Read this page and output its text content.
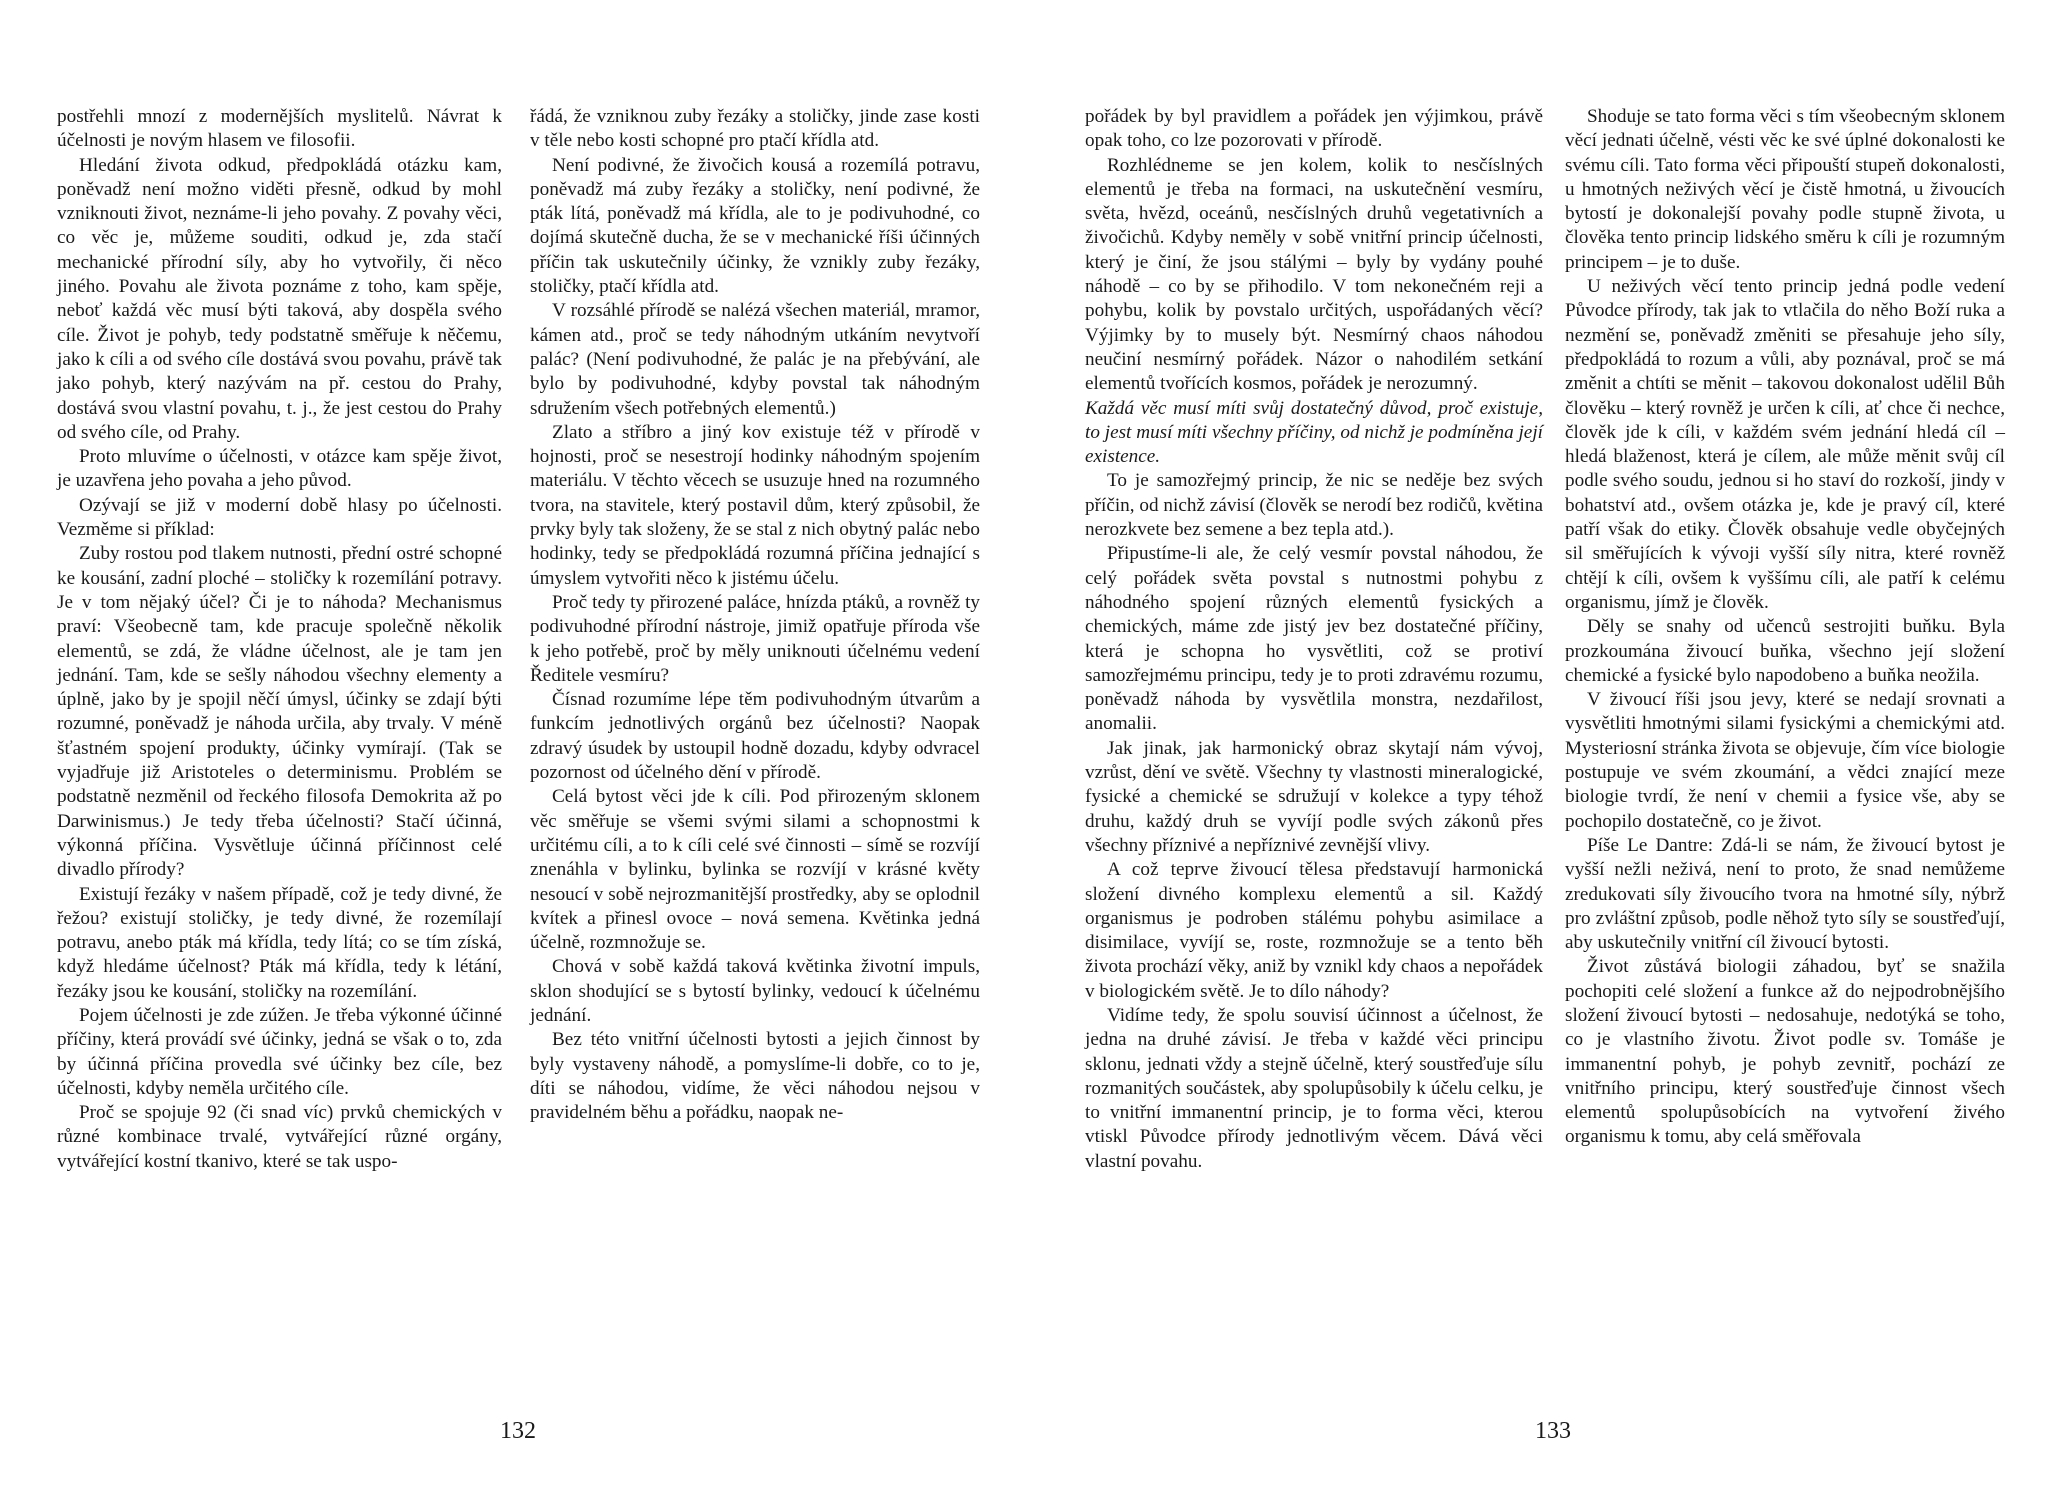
postřehli mnozí z modernějších myslitelů. Návrat k účelnosti je novým hlasem ve filosofii.

Hledání života odkud, předpokládá otázku kam, poněvadž není možno viděti přesně, odkud by mohl vzniknouti život, neznáme-li jeho povahy. Z povahy věci, co věc je, můžeme souditi, odkud je, zda stačí mechanické přírodní síly, aby ho vytvořily, či něco jiného. Povahu ale života poznáme z toho, kam spěje, neboť každá věc musí býti taková, aby dospěla svého cíle. Život je pohyb, tedy podstatně směřuje k něčemu, jako k cíli a od svého cíle dostává svou povahu, právě tak jako pohyb, který nazývám na př. cestou do Prahy, dostává svou vlastní povahu, t. j., že jest cestou do Prahy od svého cíle, od Prahy.

Proto mluvíme o účelnosti, v otázce kam spěje život, je uzavřena jeho povaha a jeho původ.

Ozývají se již v moderní době hlasy po účelnosti. Vezměme si příklad:

Zuby rostou pod tlakem nutnosti, přední ostré schopné ke kousání, zadní ploché – stoličky k rozemílání potravy. Je v tom nějaký účel? Či je to náhoda? Mechanismus praví: Všeobecně tam, kde pracuje společně několik elementů, se zdá, že vládne účelnost, ale je tam jen jednání. Tam, kde se sešly náhodou všechny elementy a úplně, jako by je spojil něčí úmysl, účinky se zdají býti rozumné, poněvadž je náhoda určila, aby trvaly. V méně šťastném spojení produkty, účinky vymírají. (Tak se vyjadřuje již Aristoteles o determinismu. Problém se podstatně nezměnil od řeckého filosofa Demokrita až po Darwinismus.) Je tedy třeba účelnosti? Stačí účinná, výkonná příčina. Vysvětluje účinná příčinnost celé divadlo přírody?

Existují řezáky v našem případě, což je tedy divné, že řežou? existují stoličky, je tedy divné, že rozemílají potravu, anebo pták má křídla, tedy lítá; co se tím získá, když hledáme účelnost? Pták má křídla, tedy k létání, řezáky jsou ke kousání, stoličky na rozemílání.

Pojem účelnosti je zde zúžen. Je třeba výkonné účinné příčiny, která provádí své účinky, jedná se však o to, zda by účinná příčina provedla své účinky bez cíle, bez účelnosti, kdyby neměla určitého cíle.

Proč se spojuje 92 (či snad víc) prvků chemických v různé kombinace trvalé, vytvářející různé orgány, vytvářející kostní tkanivo, které se tak uspo-

řádá, že vzniknou zuby řezáky a stoličky, jinde zase kosti v těle nebo kosti schopné pro ptačí křídla atd.

Není podivné, že živočich kousá a rozemílá potravu, poněvadž má zuby řezáky a stoličky, není podivné, že pták lítá, poněvadž má křídla, ale to je podivuhodné, co dojímá skutečně ducha, že se v mechanické říši účinných příčin tak uskutečnily účinky, že vznikly zuby řezáky, stoličky, ptačí křídla atd.

V rozsáhlé přírodě se nalézá všechen materiál, mramor, kámen atd., proč se tedy náhodným utkáním nevytvoří palác? (Není podivuhodné, že palác je na přebývání, ale bylo by podivuhodné, kdyby povstal tak náhodným sdružením všech potřebných elementů.)

Zlato a stříbro a jiný kov existuje též v přírodě v hojnosti, proč se nesestrojí hodinky náhodným spojením materiálu. V těchto věcech se usuzuje hned na rozumného tvora, na stavitele, který postavil dům, který způsobil, že prvky byly tak složeny, že se stal z nich obytný palác nebo hodinky, tedy se předpokládá rozumná příčina jednající s úmyslem vytvořiti něco k jistému účelu.

Proč tedy ty přirozené paláce, hnízda ptáků, a rovněž ty podivuhodné přírodní nástroje, jimiž opatřuje příroda vše k jeho potřebě, proč by měly uniknouti účelnému vedení Ředitele vesmíru?

Čísnad rozumíme lépe těm podivuhodným útvarům a funkcím jednotlivých orgánů bez účelnosti? Naopak zdravý úsudek by ustoupil hodně dozadu, kdyby odvracel pozornost od účelného dění v přírodě.

Celá bytost věci jde k cíli. Pod přirozeným sklonem věc směřuje se všemi svými silami a schopnostmi k určitému cíli, a to k cíli celé své činnosti – símě se rozvíjí znenáhla v bylinku, bylinka se rozvíjí v krásné květy nesoucí v sobě nejrozmanitější prostředky, aby se oplodnil kvítek a přinesl ovoce – nová semena. Květinka jedná účelně, rozmnožuje se.

Chová v sobě každá taková květinka životní impuls, sklon shodující se s bytostí bylinky, vedoucí k účelnému jednání.

Bez této vnitřní účelnosti bytosti a jejich činnost by byly vystaveny náhodě, a pomyslíme-li dobře, co to je, díti se náhodou, vidíme, že věci náhodou nejsou v pravidelném běhu a pořádku, naopak ne-

132

pořádek by byl pravidlem a pořádek jen výjimkou, právě opak toho, co lze pozorovati v přírodě.

Rozhlédneme se jen kolem, kolik to nesčíslných elementů je třeba na formaci, na uskutečnění vesmíru, světa, hvězd, oceánů, nesčíslných druhů vegetativních a živočichů. Kdyby neměly v sobě vnitřní princip účelnosti, který je činí, že jsou stálými – byly by vydány pouhé náhodě – co by se přihodilo. V tom nekonečném reji a pohybu, kolik by povstalo určitých, uspořádaných věcí? Výjimky by to musely být. Nesmírný chaos náhodou neučiní nesmírný pořádek. Názor o nahodilém setkání elementů tvořících kosmos, pořádek je nerozumný.

Každá věc musí míti svůj dostatečný důvod, proč existuje, to jest musí míti všechny příčiny, od nichž je podmíněna její existence.

To je samozřejmý princip, že nic se neděje bez svých příčin, od nichž závisí (člověk se nerodí bez rodičů, květina nerozkvete bez semene a bez tepla atd.).

Připustíme-li ale, že celý vesmír povstal náhodou, že celý pořádek světa povstal s nutnostmi pohybu z náhodného spojení různých elementů fysických a chemických, máme zde jistý jev bez dostatečné příčiny, která je schopna ho vysvětliti, což se protiví samozřejmému principu, tedy je to proti zdravému rozumu, poněvadž náhoda by vysvětlila monstra, nezdařilost, anomalii.

Jak jinak, jak harmonický obraz skytají nám vývoj, vzrůst, dění ve světě. Všechny ty vlastnosti mineralogické, fysické a chemické se sdružují v kolekce a typy téhož druhu, každý druh se vyvíjí podle svých zákonů přes všechny příznivé a nepříznivé zevnější vlivy.

A což teprve živoucí tělesa představují harmonická složení divného komplexu elementů a sil. Každý organismus je podroben stálému pohybu asimilace a disimilace, vyvíjí se, roste, rozmnožuje se a tento běh života prochází věky, aniž by vznikl kdy chaos a nepořádek v biologickém světě. Je to dílo náhody?

Vidíme tedy, že spolu souvisí účinnost a účelnost, že jedna na druhé závisí. Je třeba v každé věci principu sklonu, jednati vždy a stejně účelně, který soustřeďuje sílu rozmanitých součástek, aby spolupůsobily k účelu celku, je to vnitřní immanentní princip, je to forma věci, kterou vtiskl Původce přírody jednotlivým věcem. Dává věci vlastní povahu.

Shoduje se tato forma věci s tím všeobecným sklonem věcí jednati účelně, vésti věc ke své úplné dokonalosti ke svému cíli. Tato forma věci připouští stupeň dokonalosti, u hmotných neživých věcí je čistě hmotná, u živoucích bytostí je dokonalejší povahy podle stupně života, u člověka tento princip lidského směru k cíli je rozumným principem – je to duše.

U neživých věcí tento princip jedná podle vedení Původce přírody, tak jak to vtlačila do něho Boží ruka a nezmění se, poněvadž změniti se přesahuje jeho síly, předpokládá to rozum a vůli, aby poznával, proč se má změnit a chtíti se měnit – takovou dokonalost udělil Bůh člověku – který rovněž je určen k cíli, ať chce či nechce, člověk jde k cíli, v každém svém jednání hledá cíl – hledá blaženost, která je cílem, ale může měnit svůj cíl podle svého soudu, jednou si ho staví do rozkoší, jindy v bohatství atd., ovšem otázka je, kde je pravý cíl, které patří však do etiky. Člověk obsahuje vedle obyčejných sil směřujících k vývoji vyšší síly nitra, které rovněž chtějí k cíli, ovšem k vyššímu cíli, ale patří k celému organismu, jímž je člověk.

Děly se snahy od učenců sestrojiti buňku. Byla prozkoumána živoucí buňka, všechno její složení chemické a fysické bylo napodobeno a buňka neožila.

V živoucí říši jsou jevy, které se nedají srovnati a vysvětliti hmotnými silami fysickými a chemickými atd. Mysteriosní stránka života se objevuje, čím více biologie postupuje ve svém zkoumání, a vědci znající meze biologie tvrdí, že není v chemii a fysice vše, aby se pochopilo dostatečně, co je život.

Píše Le Dantre: Zdá-li se nám, že živoucí bytost je vyšší nežli neživá, není to proto, že snad nemůžeme zredukovati síly živoucího tvora na hmotné síly, nýbrž pro zvláštní způsob, podle něhož tyto síly se soustřeďují, aby uskutečnily vnitřní cíl živoucí bytosti.

Život zůstává biologii záhadou, byť se snažila pochopiti celé složení a funkce až do nejpodrobnějšího složení živoucí bytosti – nedosahuje, nedotýká se toho, co je vlastního životu. Život podle sv. Tomáše je immanentní pohyb, je pohyb zevnitř, pochází ze vnitřního principu, který soustřeďuje činnost všech elementů spolupůsobících na vytvoření živého organismu k tomu, aby celá směřovala

133
